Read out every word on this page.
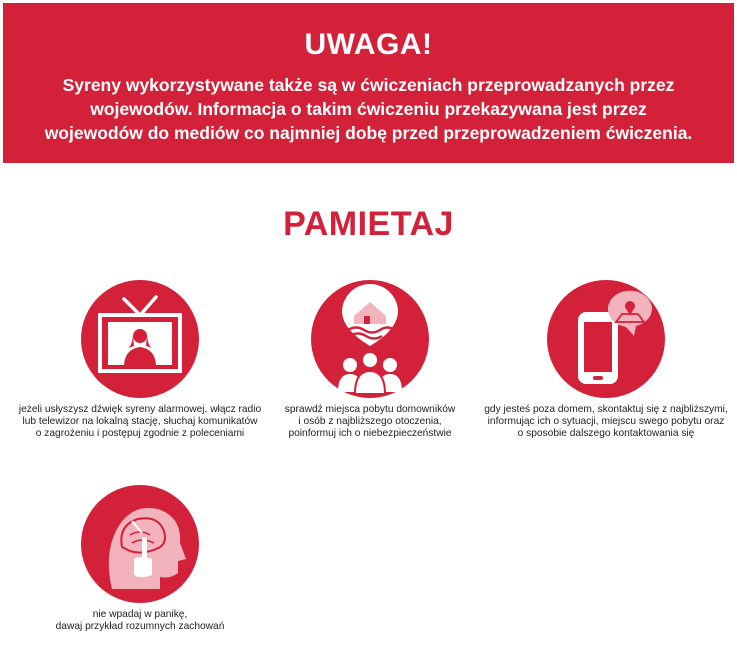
UWAGA!
Syreny wykorzystywane także są w ćwiczeniach przeprowadzanych przez
wojewodów. Informacja o takim ćwiczeniu przekazywana jest przez
wojewodów do mediów co najmniej dobę przed przeprowadzeniem ćwiczenia.
PAMIETAJ
jeżeli usłyszysz dźwięk syreny alarmowej, włącz radio
lub telewizor na lokalną stację, słuchaj komunikatów
o zagrożeniu i postępuj zgodnie z poleceniami
sprawdź miejsca pobytu domowników
i osób z najbliższego otoczenia,
poinformuj ich o niebezpieczeństwie
gdy jesteś poza domem, skontaktuj się z najbliższymi,
informując ich o sytuacji, miejscu swego pobytu oraz
o sposobie dalszego kontaktowania się
nie wpadaj w panikę,
dawaj przykład rozumnych zachowań
